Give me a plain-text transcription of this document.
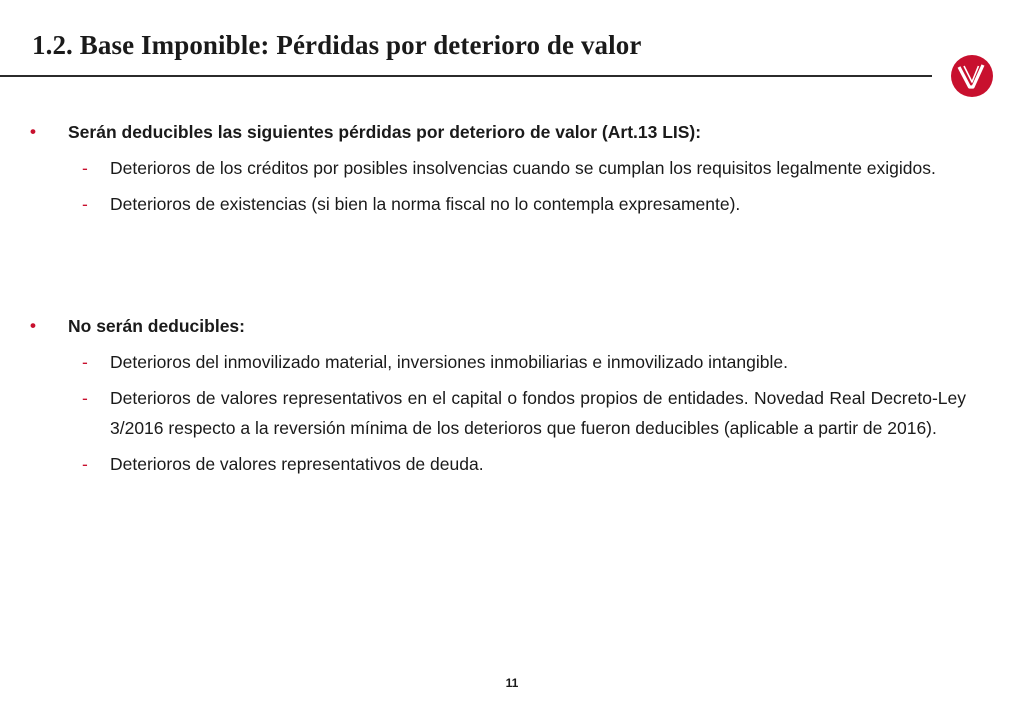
1.2. Base Imponible: Pérdidas por deterioro de valor
• Serán deducibles las siguientes pérdidas por deterioro de valor (Art.13 LIS):
- Deterioros de los créditos por posibles insolvencias cuando se cumplan los requisitos legalmente exigidos.
- Deterioros de existencias (si bien la norma fiscal no lo contempla expresamente).
• No serán deducibles:
- Deterioros del inmovilizado material, inversiones inmobiliarias e inmovilizado intangible.
- Deterioros de valores representativos en el capital o fondos propios de entidades. Novedad Real Decreto-Ley 3/2016 respecto a la reversión mínima de los deterioros que fueron deducibles (aplicable a partir de 2016).
- Deterioros de valores representativos de deuda.
11
